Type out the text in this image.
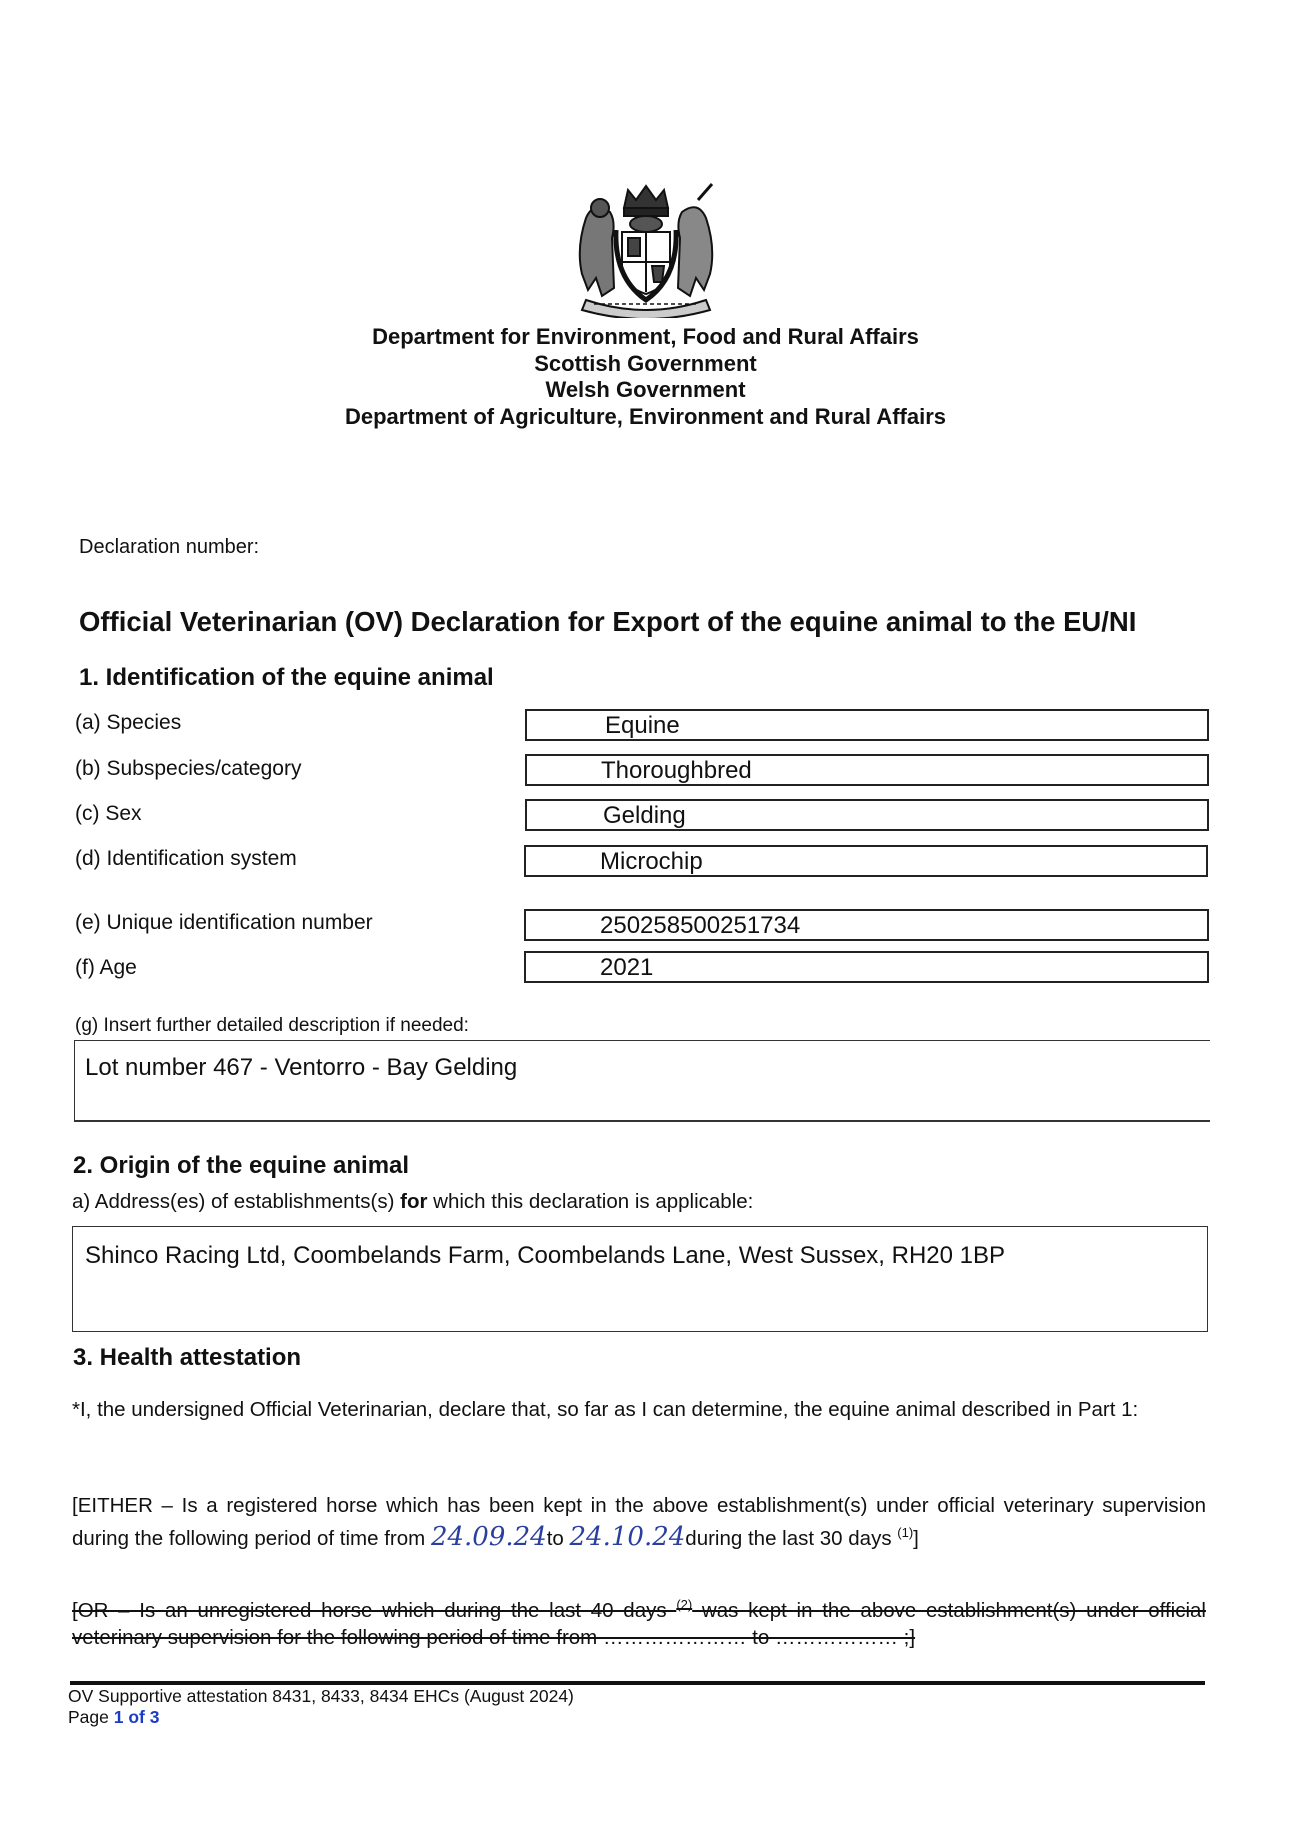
Department for Environment, Food and Rural Affairs
Scottish Government
Welsh Government
Department of Agriculture, Environment and Rural Affairs
Declaration number:
Official Veterinarian (OV) Declaration for Export of the equine animal to the EU/NI
1. Identification of the equine animal
(a) Species	Equine
(b) Subspecies/category	Thoroughbred
(c) Sex	Gelding
(d) Identification system	Microchip
(e) Unique identification number	250258500251734
(f) Age	2021
(g) Insert further detailed description if needed:
Lot number 467 - Ventorro - Bay Gelding
2. Origin of the equine animal
a) Address(es) of establishments(s) for which this declaration is applicable:
Shinco Racing Ltd, Coombelands Farm, Coombelands Lane, West Sussex, RH20 1BP
3. Health attestation
*I, the undersigned Official Veterinarian, declare that, so far as I can determine, the equine animal described in Part 1:
[EITHER – Is a registered horse which has been kept in the above establishment(s) under official veterinary supervision during the following period of time from 24.09.24to 24.10.24during the last 30 days $^{(1)}$]
[OR – Is an unregistered horse which during the last 40 days $^{(2)}$ was kept in the above establishment(s) under official veterinary supervision for the following period of time from ………………… to ……………… ;]
OV Supportive attestation 8431, 8433, 8434 EHCs (August 2024)
Page 1 of 3
